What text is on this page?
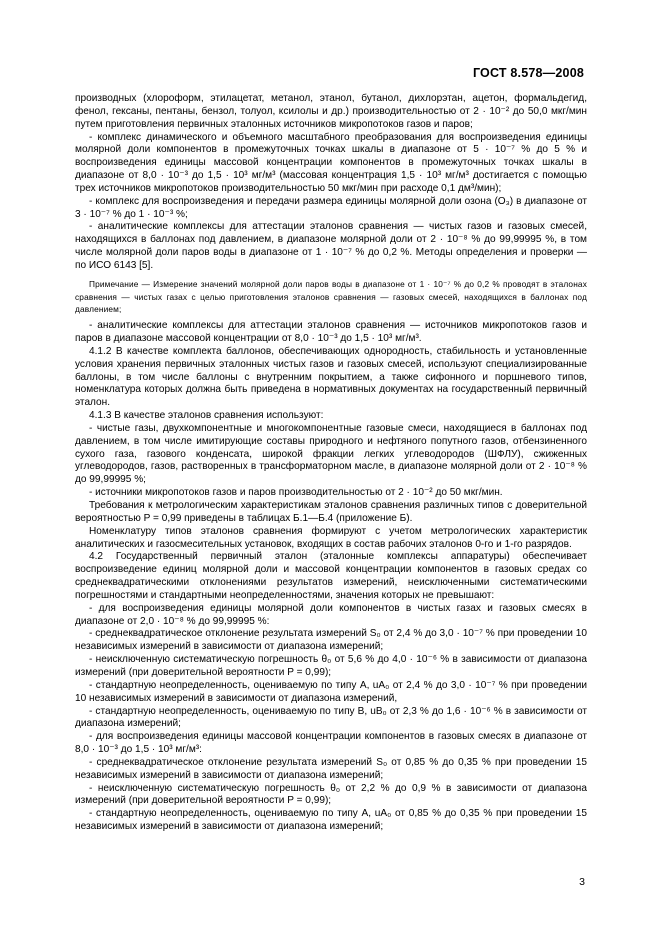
ГОСТ 8.578—2008

производных (хлороформ, этилацетат, метанол, этанол, бутанол, дихлорэтан, ацетон, формальдегид, фенол, гексаны, пентаны, бензол, толуол, ксилолы и др.) производительностью от 2 · 10⁻² до 50,0 мкг/мин путем приготовления первичных эталонных источников микропотоков газов и паров;

- комплекс динамического и объемного масштабного преобразования для воспроизведения единицы молярной доли компонентов в промежуточных точках шкалы в диапазоне от 5 · 10⁻⁷ % до 5 % и воспроизведения единицы массовой концентрации компонентов в промежуточных точках шкалы в диапазоне от 8,0 · 10⁻³ до 1,5 · 10³ мг/м³ (массовая концентрация 1,5 · 10³ мг/м³ достигается с помощью трех источников микропотоков производительностью 50 мкг/мин при расходе 0,1 дм³/мин);

- комплекс для воспроизведения и передачи размера единицы молярной доли озона (O₃) в диапазоне от 3 · 10⁻⁷ % до 1 · 10⁻³ %;

- аналитические комплексы для аттестации эталонов сравнения — чистых газов и газовых смесей, находящихся в баллонах под давлением, в диапазоне молярной доли от 2 · 10⁻⁸ % до 99,99995 %, в том числе молярной доли паров воды в диапазоне от 1 · 10⁻⁷ % до 0,2 %. Методы определения и проверки — по ИСО 6143 [5].

Примечание — Измерение значений молярной доли паров воды в диапазоне от 1 · 10⁻⁷ % до 0,2 % проводят в эталонах сравнения — чистых газах с целью приготовления эталонов сравнения — газовых смесей, находящихся в баллонах под давлением;

- аналитические комплексы для аттестации эталонов сравнения — источников микропотоков газов и паров в диапазоне массовой концентрации от 8,0 · 10⁻³ до 1,5 · 10³ мг/м³.

4.1.2 В качестве комплекта баллонов, обеспечивающих однородность, стабильность и установленные условия хранения первичных эталонных чистых газов и газовых смесей, используют специализированные баллоны, в том числе баллоны с внутренним покрытием, а также сифонного и поршневого типов, номенклатура которых должна быть приведена в нормативных документах на государственный первичный эталон.

4.1.3 В качестве эталонов сравнения используют:

- чистые газы, двухкомпонентные и многокомпонентные газовые смеси, находящиеся в баллонах под давлением, в том числе имитирующие составы природного и нефтяного попутного газов, отбензиненного сухого газа, газового конденсата, широкой фракции легких углеводородов (ШФЛУ), сжиженных углеводородов, газов, растворенных в трансформаторном масле, в диапазоне молярной доли от 2 · 10⁻⁸ % до 99,99995 %;

- источники микропотоков газов и паров производительностью от 2 · 10⁻² до 50 мкг/мин.

Требования к метрологическим характеристикам эталонов сравнения различных типов с доверительной вероятностью P = 0,99 приведены в таблицах Б.1—Б.4 (приложение Б).

Номенклатуру типов эталонов сравнения формируют с учетом метрологических характеристик аналитических и газосмесительных установок, входящих в состав рабочих эталонов 0-го и 1-го разрядов.

4.2 Государственный первичный эталон (эталонные комплексы аппаратуры) обеспечивает воспроизведение единиц молярной доли и массовой концентрации компонентов в газовых средах со среднеквадратическими отклонениями результатов измерений, неисключенными систематическими погрешностями и стандартными неопределенностями, значения которых не превышают:

- для воспроизведения единицы молярной доли компонентов в чистых газах и газовых смесях в диапазоне от 2,0 · 10⁻⁸ % до 99,99995 %:

- среднеквадратическое отклонение результата измерений S₀ от 2,4 % до 3,0 · 10⁻⁷ % при проведении 10 независимых измерений в зависимости от диапазона измерений;

- неисключенную систематическую погрешность θ₀ от 5,6 % до 4,0 · 10⁻⁶ % в зависимости от диапазона измерений (при доверительной вероятности P = 0,99);

- стандартную неопределенность, оцениваемую по типу А, uA₀ от 2,4 % до 3,0 · 10⁻⁷ % при проведении 10 независимых измерений в зависимости от диапазона измерений,

- стандартную неопределенность, оцениваемую по типу В, uB₀ от 2,3 % до 1,6 · 10⁻⁶ % в зависимости от диапазона измерений;

- для воспроизведения единицы массовой концентрации компонентов в газовых смесях в диапазоне от 8,0 · 10⁻³ до 1,5 · 10³ мг/м³:

- среднеквадратическое отклонение результата измерений S₀ от 0,85 % до 0,35 % при проведении 15 независимых измерений в зависимости от диапазона измерений;

- неисключенную систематическую погрешность θ₀ от 2,2 % до 0,9 % в зависимости от диапазона измерений (при доверительной вероятности P = 0,99);

- стандартную неопределенность, оцениваемую по типу А, uA₀ от 0,85 % до 0,35 % при проведении 15 независимых измерений в зависимости от диапазона измерений;

3
